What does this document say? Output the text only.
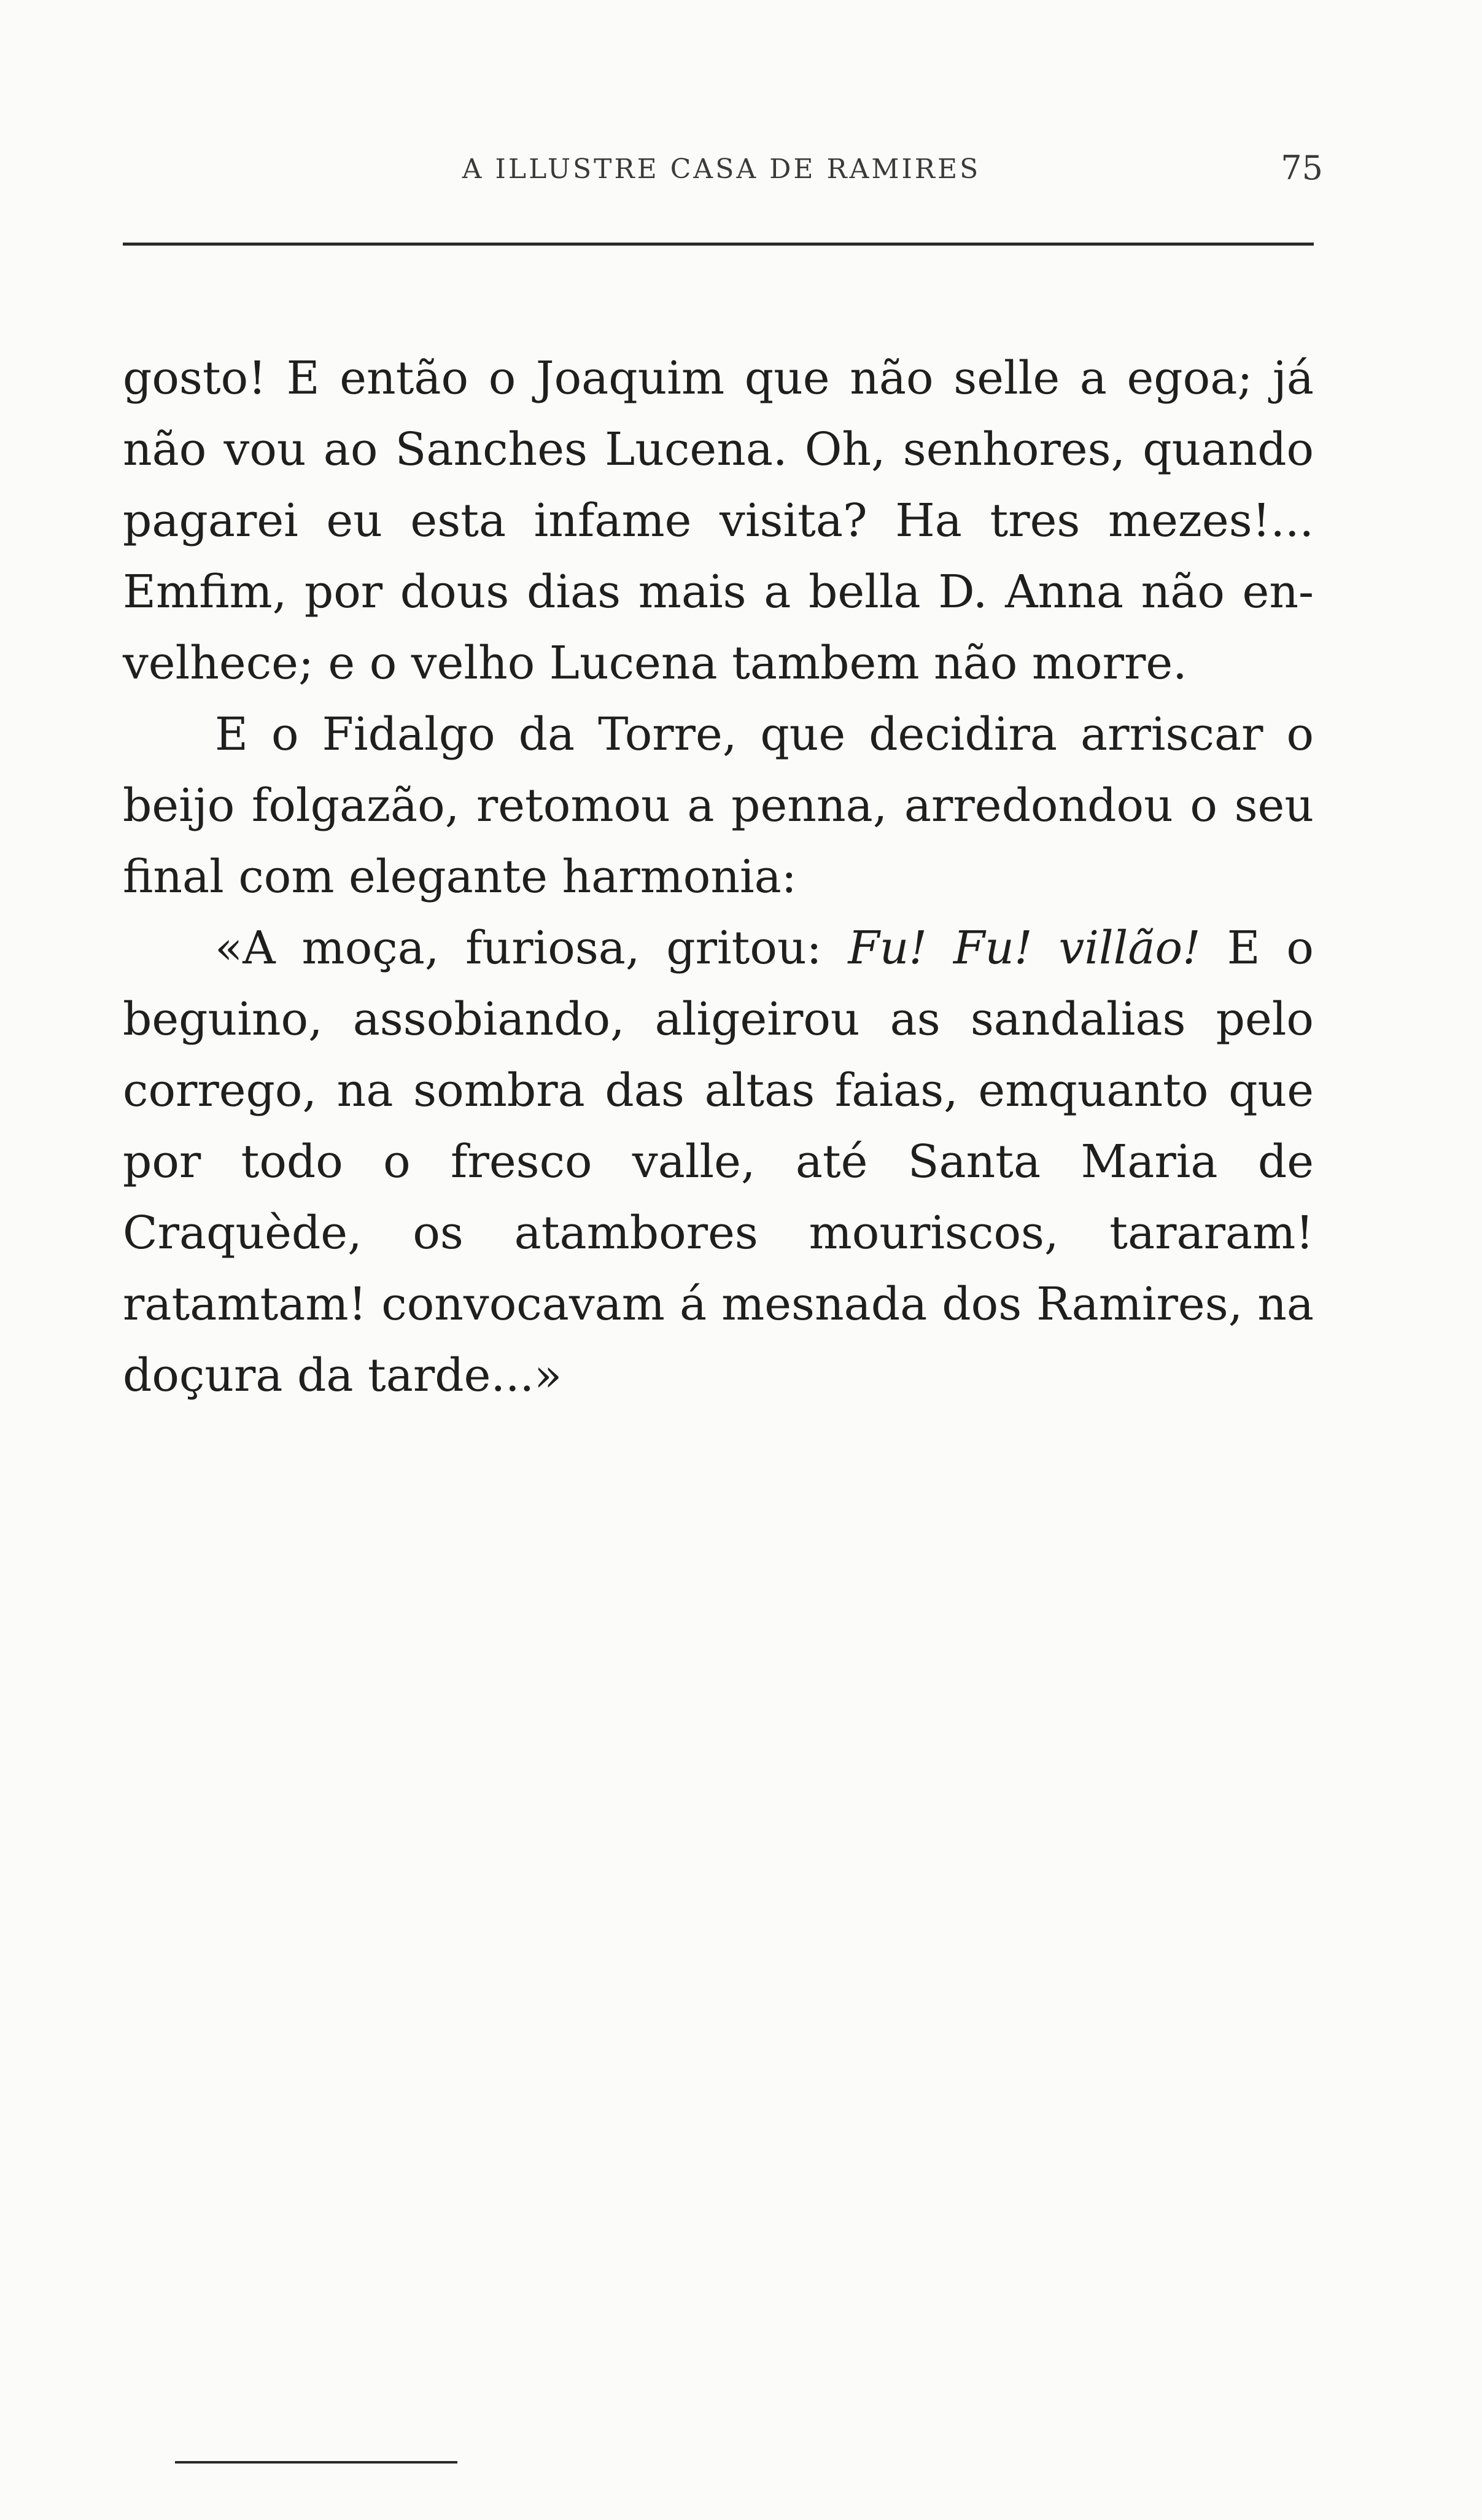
A ILLUSTRE CASA DE RAMIRES	75

gosto! E então o Joaquim que não selle a egoa; já não vou ao Sanches Lucena. Oh, senhores, quando pagarei eu esta infame visita? Ha tres mezes!... Emfim, por dous dias mais a bella D. Anna não envelhece; e o velho Lucena tambem não morre.

E o Fidalgo da Torre, que decidira arriscar o beijo folgazão, retomou a penna, arredondou o seu final com elegante harmonia:

«A moça, furiosa, gritou: Fu! Fu! villão! E o beguino, assobiando, aligeirou as sandalias pelo corrego, na sombra das altas faias, emquanto que por todo o fresco valle, até Santa Maria de Craquède, os atambores mouriscos, tararam! ratamtam! convocavam á mesnada dos Ramires, na doçura da tarde...»
